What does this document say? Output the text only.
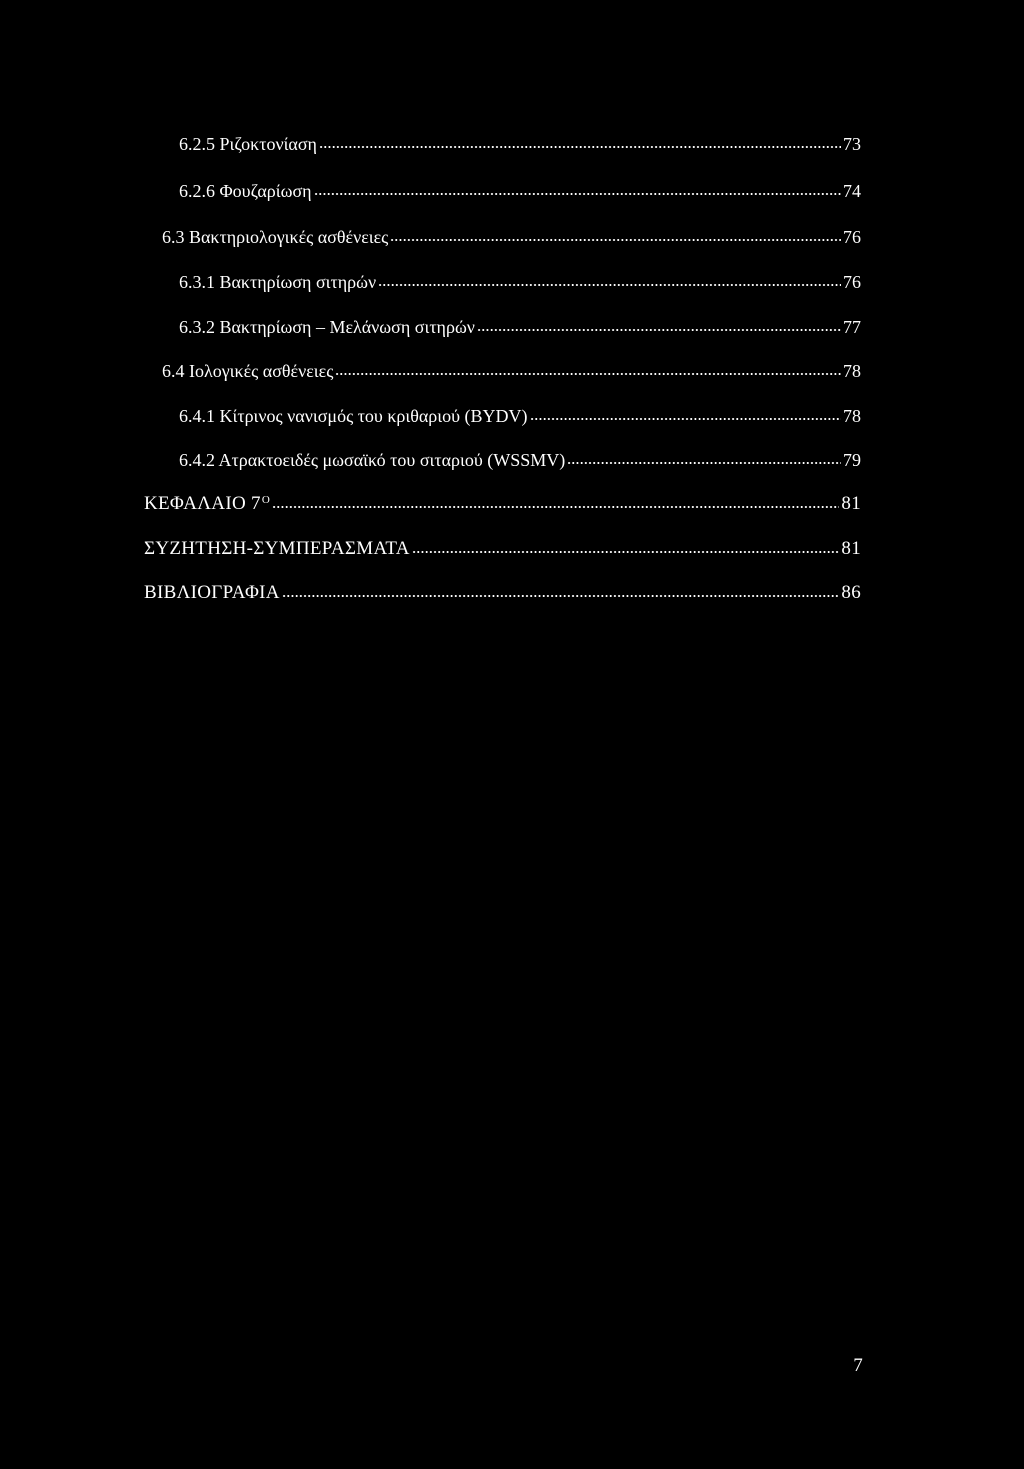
6.2.5 Ριζοκτονίαση	73
6.2.6 Φουζαρίωση	74
6.3 Βακτηριολογικές ασθένειες	76
6.3.1 Βακτηρίωση σιτηρών	76
6.3.2 Βακτηρίωση – Μελάνωση σιτηρών	77
6.4 Ιολογικές ασθένειες	78
6.4.1 Κίτρινος νανισμός του κριθαριού (BYDV)	78
6.4.2 Ατρακτοειδές μωσαϊκό του σιταριού (WSSMV)	79
ΚΕΦΑΛΑΙΟ $7^O$	81
ΣΥΖΗΤΗΣΗ-ΣΥΜΠΕΡΑΣΜΑΤΑ	81
ΒΙΒΛΙΟΓΡΑΦΙΑ	86
7
